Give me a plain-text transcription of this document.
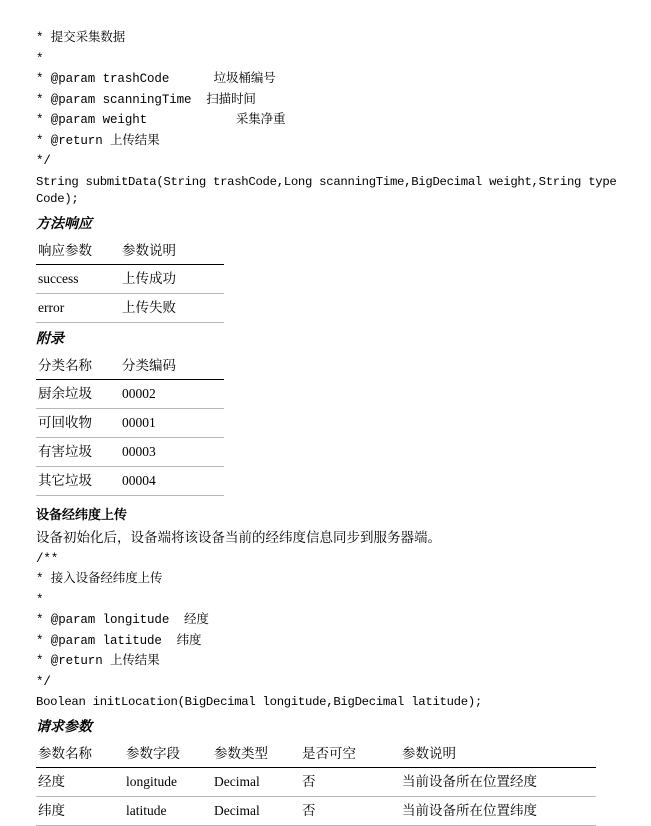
* 提交采集数据
*
* @param trashCode      垃圾桶编号
* @param scanningTime  扫描时间
* @param weight            采集净重
* @return 上传结果
*/
String submitData(String trashCode,Long scanningTime,BigDecimal weight,String typeCode);
方法响应
响应参数	参数说明
success	上传成功
error	上传失败
附录
分类名称	分类编码
厨余垃圾	00002
可回收物	00001
有害垃圾	00003
其它垃圾	00004
设备经纬度上传
设备初始化后，设备端将该设备当前的经纬度信息同步到服务器端。
/**
* 接入设备经纬度上传
*
* @param longitude  经度
* @param latitude  纬度
* @return 上传结果
*/
Boolean initLocation(BigDecimal longitude,BigDecimal latitude);
请求参数
参数名称	参数字段	参数类型	是否可空	参数说明
经度	longitude	Decimal	否	当前设备所在位置经度
纬度	latitude	Decimal	否	当前设备所在位置纬度
